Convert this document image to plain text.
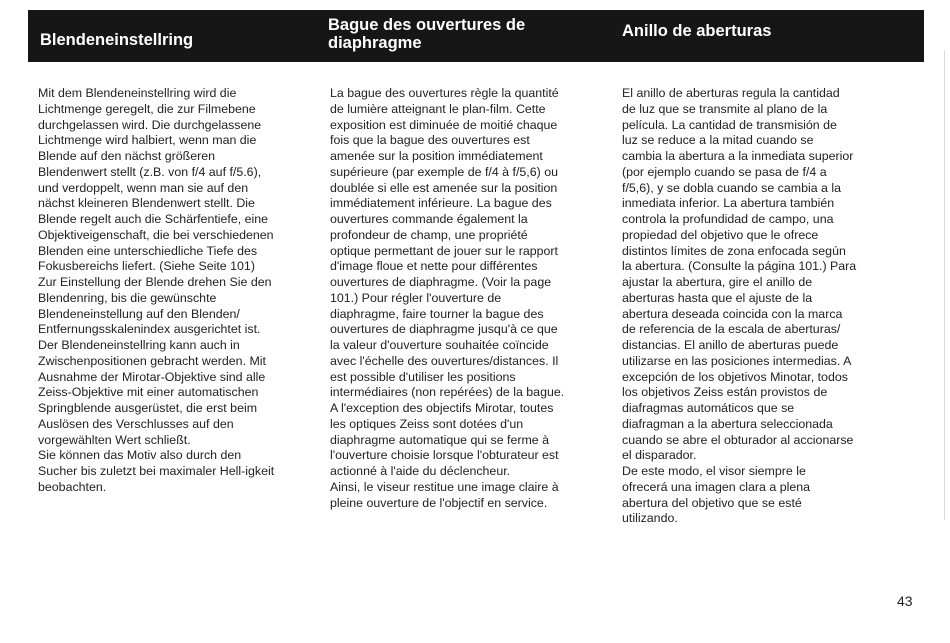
Blendeneinstellring
Bague des ouvertures de diaphragme
Anillo de aberturas

Mit dem Blendeneinstellring wird die

Lichtmenge geregelt, die zur Filmebene

durchgelassen wird. Die durchgelassene

Lichtmenge wird halbiert, wenn man die

Blende auf den nächst größeren

Blendenwert stellt (z.B. von f/4 auf f/5.6),

und verdoppelt, wenn man sie auf den

nächst kleineren Blendenwert stellt. Die

Blende regelt auch die Schärfentiefe, eine

Objektiveigenschaft, die bei verschiedenen

Blenden eine unterschiedliche Tiefe des

Fokusbereichs liefert. (Siehe Seite 101)

Zur Einstellung der Blende drehen Sie den

Blendenring, bis die gewünschte

Blendeneinstellung auf den Blenden/

Entfernungsskalenindex ausgerichtet ist.

Der Blendeneinstellring kann auch in

Zwischenpositionen gebracht werden. Mit

Ausnahme der Mirotar-Objektive sind alle

Zeiss-Objektive mit einer automatischen

Springblende ausgerüstet, die erst beim

Auslösen des Verschlusses auf den

vorgewählten Wert schließt.

Sie können das Motiv also durch den

Sucher bis zuletzt bei maximaler Hell-igkeit

beobachten.

La bague des ouvertures règle la quantité

de lumière atteignant le plan-film. Cette

exposition est diminuée de moitié chaque

fois que la bague des ouvertures est

amenée sur la position immédiatement

supérieure (par exemple de f/4 à f/5,6) ou

doublée si elle est amenée sur la position

immédiatement inférieure. La bague des

ouvertures commande également la

profondeur de champ, une propriété

optique permettant de jouer sur le rapport

d'image floue et nette pour différentes

ouvertures de diaphragme. (Voir la page

101.) Pour régler l'ouverture de

diaphragme, faire tourner la bague des

ouvertures de diaphragme jusqu'à ce que

la valeur d'ouverture souhaitée coïncide

avec l'échelle des ouvertures/distances. Il

est possible d'utiliser les positions

intermédiaires (non repérées) de la bague.

A l'exception des objectifs Mirotar, toutes

les optiques Zeiss sont dotées d'un

diaphragme automatique qui se ferme à

l'ouverture choisie lorsque l'obturateur est

actionné à l'aide du déclencheur.

Ainsi, le viseur restitue une image claire à

pleine ouverture de l'objectif en service.

El anillo de aberturas regula la cantidad

de luz que se transmite al plano de la

película. La cantidad de transmisión de

luz se reduce a la mitad cuando se

cambia la abertura a la inmediata superior

(por ejemplo cuando se pasa de f/4 a

f/5,6), y se dobla cuando se cambia a la

inmediata inferior. La abertura también

controla la profundidad de campo, una

propiedad del objetivo que le ofrece

distintos límites de zona enfocada según

la abertura. (Consulte la página 101.) Para

ajustar la abertura, gire el anillo de

aberturas hasta que el ajuste de la

abertura deseada coincida con la marca

de referencia de la escala de aberturas/

distancias. El anillo de aberturas puede

utilizarse en las posiciones intermedias. A

excepción de los objetivos Minotar, todos

los objetivos Zeiss están provistos de

diafragmas automáticos que se

diafragman a la abertura seleccionada

cuando se abre el obturador al accionarse

el disparador.

De este modo, el visor siempre le

ofrecerá una imagen clara a plena

abertura del objetivo que se esté

utilizando.

43
